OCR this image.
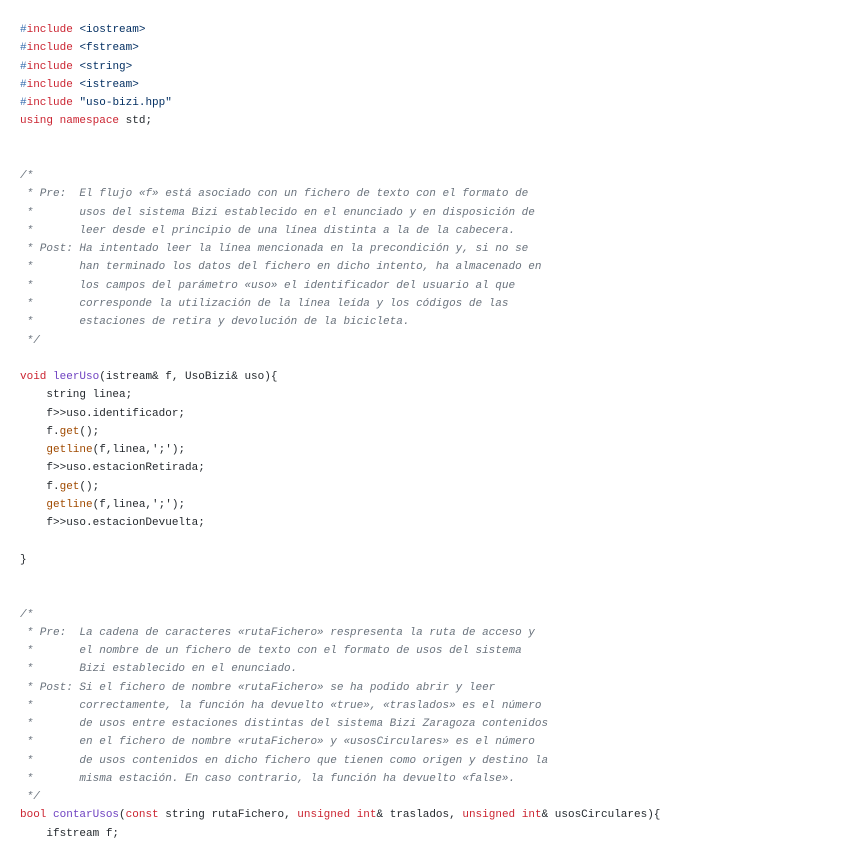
#include <iostream>
#include <fstream>
#include <string>
#include <istream>
#include "uso-bizi.hpp"
using namespace std;
/*
* Pre:  El flujo «f» está asociado con un fichero de texto con el formato de
*       usos del sistema Bizi establecido en el enunciado y en disposición de
*       leer desde el principio de una línea distinta a la de la cabecera.
* Post: Ha intentado leer la línea mencionada en la precondición y, si no se
*       han terminado los datos del fichero en dicho intento, ha almacenado en
*       los campos del parámetro «uso» el identificador del usuario al que
*       corresponde la utilización de la línea leída y los códigos de las
*       estaciones de retira y devolución de la bicicleta.
*/
void leerUso(istream& f, UsoBizi& uso){
string linea;
f>>uso.identificador;
f.get();
getline(f,linea,';');
f>>uso.estacionRetirada;
f.get();
getline(f,linea,';');
f>>uso.estacionDevuelta;
}
/*
* Pre:  La cadena de caracteres «rutaFichero» respresenta la ruta de acceso y
*       el nombre de un fichero de texto con el formato de usos del sistema
*       Bizi establecido en el enunciado.
* Post: Si el fichero de nombre «rutaFichero» se ha podido abrir y leer
*       correctamente, la función ha devuelto «true», «traslados» es el número
*       de usos entre estaciones distintas del sistema Bizi Zaragoza contenidos
*       en el fichero de nombre «rutaFichero» y «usosCirculares» es el número
*       de usos contenidos en dicho fichero que tienen como origen y destino la
*       misma estación. En caso contrario, la función ha devuelto «false».
*/
bool contarUsos(const string rutaFichero, unsigned int& traslados, unsigned int& usosCirculares){
ifstream f;
